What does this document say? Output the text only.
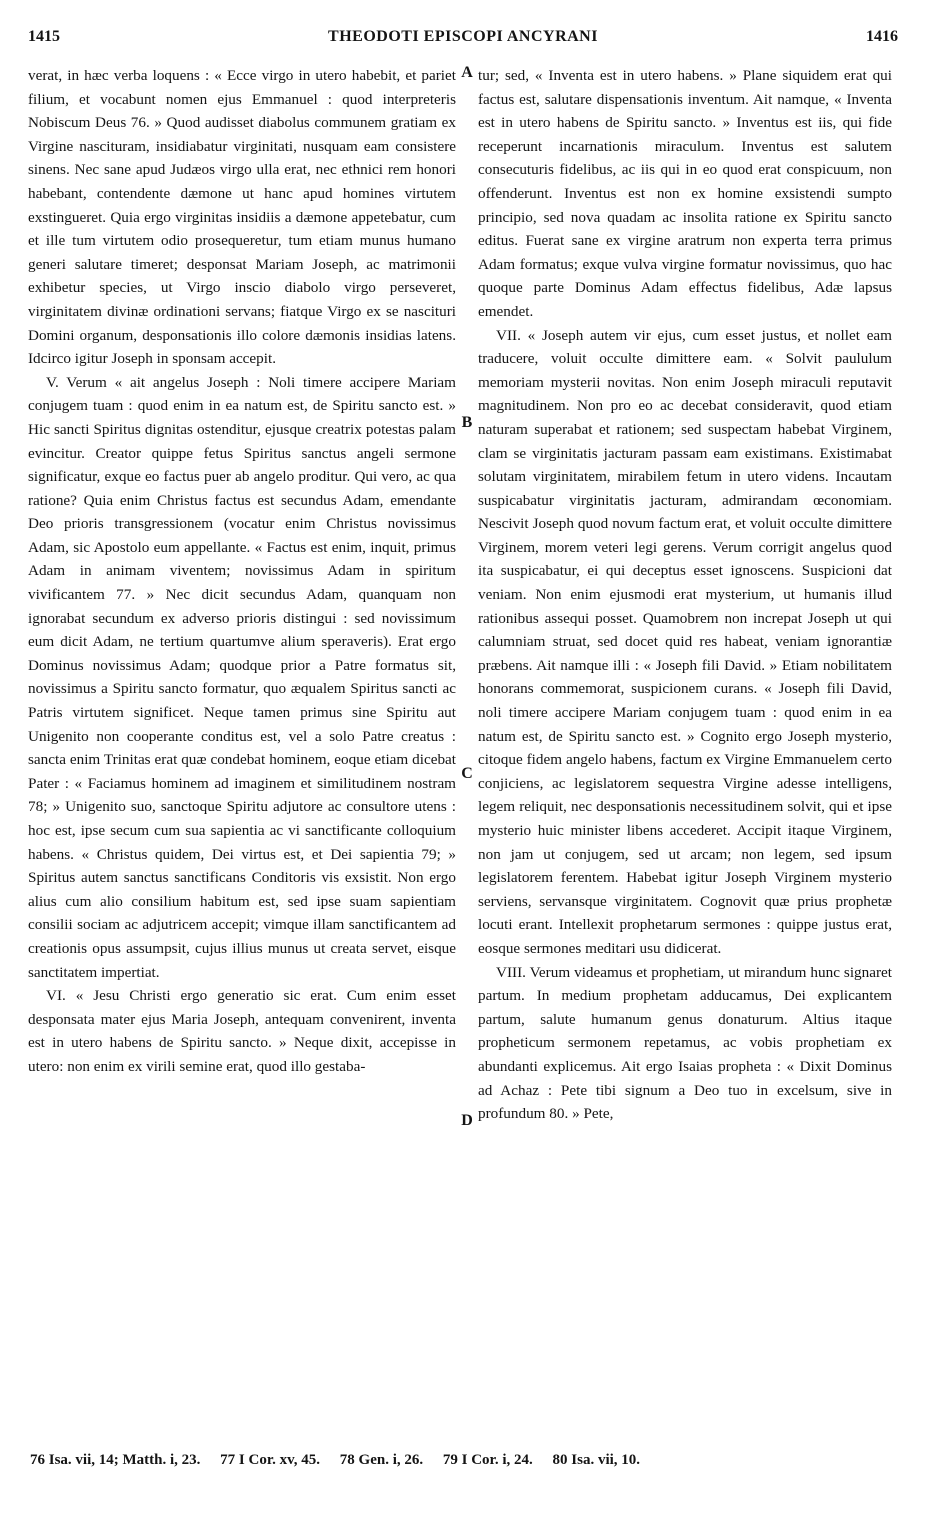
1415	THEODOTI EPISCOPI ANCYRANI	1416

verat, in hæc verba loquens : « Ecce virgo in utero habebit, et pariet filium, et vocabunt nomen ejus Emmanuel : quod interpreteris Nobiscum Deus 76. » Quod audisset diabolus communem gratiam ex Virgine nascituram, insidiabatur virginitati, nusquam eam consistere sinens. Nec sane apud Judæos virgo ulla erat, nec ethnici rem honori habebant, contendente dæmone ut hanc apud homines virtutem exstingueret. Quia ergo virginitas insidiis a dæmone appetebatur, cum et ille tum virtutem odio prosequeretur, tum etiam munus humano generi salutare timeret; desponsat Mariam Joseph, ac matrimonii exhibetur species, ut Virgo inscio diabolo virgo perseveret, virginitatem divinæ ordinationi servans; fiatque Virgo ex se nascituri Domini organum, desponsationis illo colore dæmonis insidias latens. Idcirco igitur Joseph in sponsam accepit.

V. Verum « ait angelus Joseph : Noli timere accipere Mariam conjugem tuam : quod enim in ea natum est, de Spiritu sancto est. » Hic sancti Spiritus dignitas ostenditur, ejusque creatrix potestas palam evincitur. Creator quippe fetus Spiritus sanctus angeli sermone significatur, exque eo factus puer ab angelo proditur. Qui vero, ac qua ratione? Quia enim Christus factus est secundus Adam, emendante Deo prioris transgressionem (vocatur enim Christus novissimus Adam, sic Apostolo eum appellante. « Factus est enim, inquit, primus Adam in animam viventem; novissimus Adam in spiritum vivificantem 77. » Nec dicit secundus Adam, quanquam non ignorabat secundum ex adverso prioris distingui : sed novissimum eum dicit Adam, ne tertium quartumve alium speraveris). Erat ergo Dominus novissimus Adam; quodque prior a Patre formatus sit, novissimus a Spiritu sancto formatur, quo æqualem Spiritus sancti ac Patris virtutem significet. Neque tamen primus sine Spiritu aut Unigenito non cooperante conditus est, vel a solo Patre creatus : sancta enim Trinitas erat quæ condebat hominem, eoque etiam dicebat Pater : « Faciamus hominem ad imaginem et similitudinem nostram 78; » Unigenito suo, sanctoque Spiritu adjutore ac consultore utens : hoc est, ipse secum cum sua sapientia ac vi sanctificante colloquium habens. « Christus quidem, Dei virtus est, et Dei sapientia 79; » Spiritus autem sanctus sanctificans Conditoris vis exsistit. Non ergo alius cum alio consilium habitum est, sed ipse suam sapientiam consilii sociam ac adjutricem accepit; vimque illam sanctificantem ad creationis opus assumpsit, cujus illius munus ut creata servet, eisque sanctitatem impertiat.

VI. « Jesu Christi ergo generatio sic erat. Cum enim esset desponsata mater ejus Maria Joseph, antequam convenirent, inventa est in utero habens de Spiritu sancto. » Neque dixit, accepisse in utero: non enim ex virili semine erat, quod illo gestaba-

A
B
C
D

tur; sed, « Inventa est in utero habens. » Plane siquidem erat qui factus est, salutare dispensationis inventum. Ait namque, « Inventa est in utero habens de Spiritu sancto. » Inventus est iis, qui fide receperunt incarnationis miraculum. Inventus est salutem consecuturis fidelibus, ac iis qui in eo quod erat conspicuum, non offenderunt. Inventus est non ex homine exsistendi sumpto principio, sed nova quadam ac insolita ratione ex Spiritu sancto editus. Fuerat sane ex virgine aratrum non experta terra primus Adam formatus; exque vulva virgine formatur novissimus, quo hac quoque parte Dominus Adam effectus fidelibus, Adæ lapsus emendet.

VII. « Joseph autem vir ejus, cum esset justus, et nollet eam traducere, voluit occulte dimittere eam. « Solvit paululum memoriam mysterii novitas. Non enim Joseph miraculi reputavit magnitudinem. Non pro eo ac decebat consideravit, quod etiam naturam superabat et rationem; sed suspectam habebat Virginem, clam se virginitatis jacturam passam eam existimans. Existimabat solutam virginitatem, mirabilem fetum in utero videns. Incautam suspicabatur virginitatis jacturam, admirandam œconomiam. Nescivit Joseph quod novum factum erat, et voluit occulte dimittere Virginem, morem veteri legi gerens. Verum corrigit angelus quod ita suspicabatur, ei qui deceptus esset ignoscens. Suspicioni dat veniam. Non enim ejusmodi erat mysterium, ut humanis illud rationibus assequi posset. Quamobrem non increpat Joseph ut qui calumniam struat, sed docet quid res habeat, veniam ignorantiæ præbens. Ait namque illi : « Joseph fili David. » Etiam nobilitatem honorans commemorat, suspicionem curans. « Joseph fili David, noli timere accipere Mariam conjugem tuam : quod enim in ea natum est, de Spiritu sancto est. » Cognito ergo Joseph mysterio, citoque fidem angelo habens, factum ex Virgine Emmanuelem certo conjiciens, ac legislatorem sequestra Virgine adesse intelligens, legem reliquit, nec desponsationis necessitudinem solvit, qui et ipse mysterio huic minister libens accederet. Accipit itaque Virginem, non jam ut conjugem, sed ut arcam; non legem, sed ipsum legislatorem ferentem. Habebat igitur Joseph Virginem mysterio serviens, servansque virginitatem. Cognovit quæ prius prophetæ locuti erant. Intellexit prophetarum sermones : quippe justus erat, eosque sermones meditari usu didicerat.

VIII. Verum videamus et prophetiam, ut mirandum hunc signaret partum. In medium prophetam adducamus, Dei explicantem partum, salute humanum genus donaturum. Altius itaque propheticum sermonem repetamus, ac vobis prophetiam ex abundanti explicemus. Ait ergo Isaias propheta : « Dixit Dominus ad Achaz : Pete tibi signum a Deo tuo in excelsum, sive in profundum 80. » Pete,

76 Isa. vii, 14; Matth. i, 23. 77 I Cor. xv, 45. 78 Gen. i, 26. 79 I Cor. i, 24. 80 Isa. vii, 10.
